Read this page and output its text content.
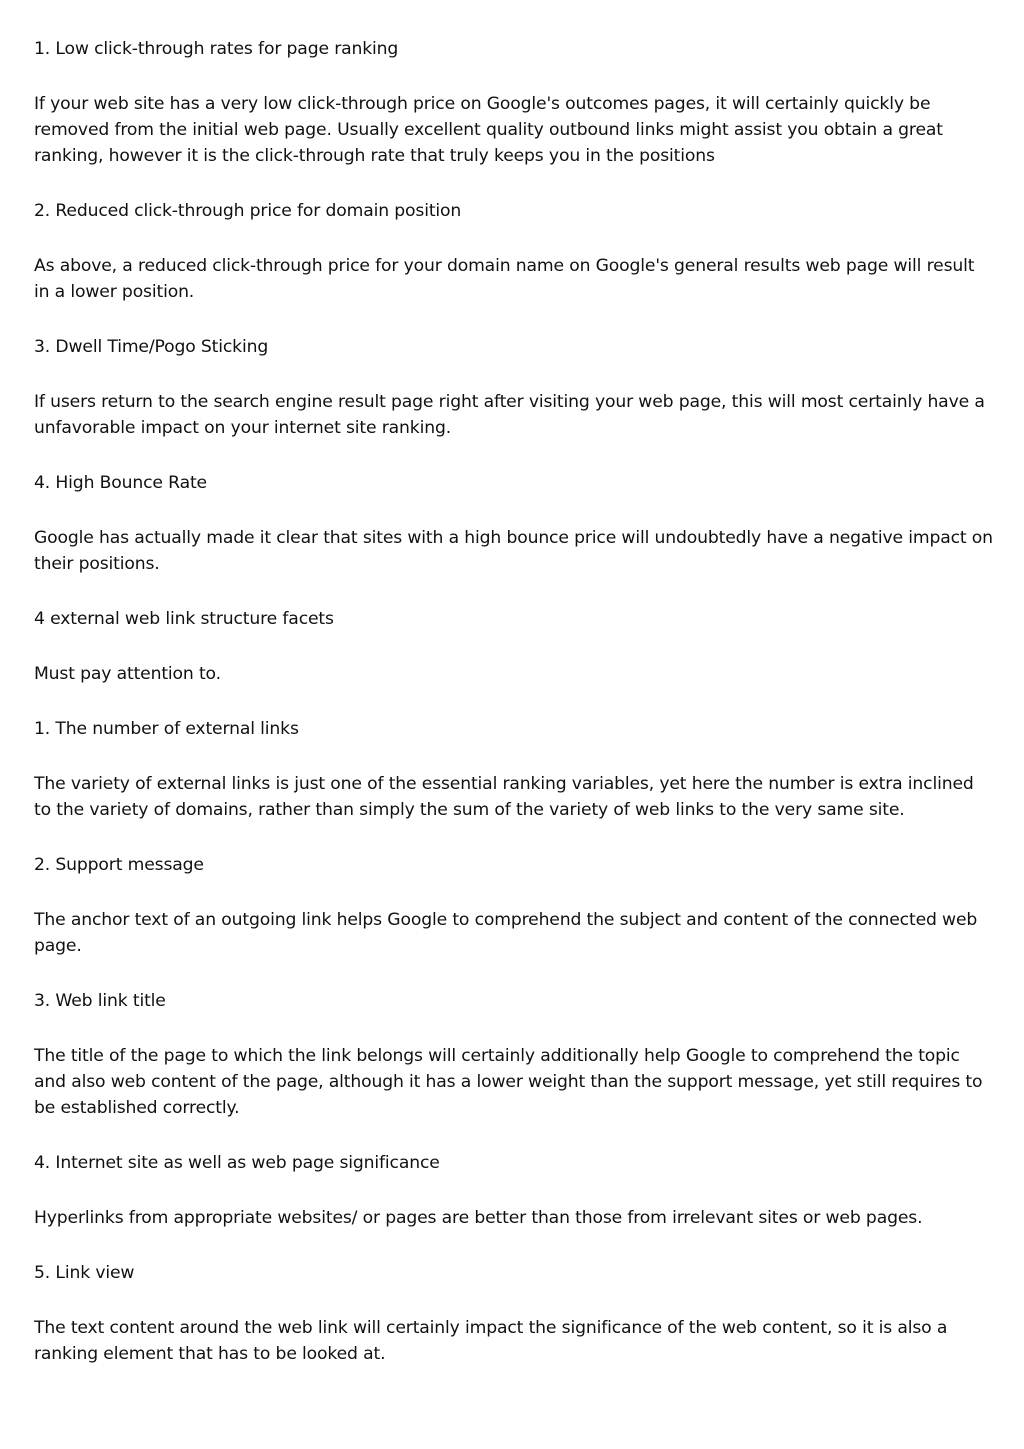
1. Low click-through rates for page ranking

If your web site has a very low click-through price on Google's outcomes pages, it will certainly quickly be removed from the initial web page. Usually excellent quality outbound links might assist you obtain a great ranking, however it is the click-through rate that truly keeps you in the positions

2. Reduced click-through price for domain position

As above, a reduced click-through price for your domain name on Google's general results web page will result in a lower position.

3. Dwell Time/Pogo Sticking

If users return to the search engine result page right after visiting your web page, this will most certainly have a unfavorable impact on your internet site ranking.

4. High Bounce Rate

Google has actually made it clear that sites with a high bounce price will undoubtedly have a negative impact on their positions.

4 external web link structure facets

Must pay attention to.

1. The number of external links

The variety of external links is just one of the essential ranking variables, yet here the number is extra inclined to the variety of domains, rather than simply the sum of the variety of web links to the very same site.

2. Support message

The anchor text of an outgoing link helps Google to comprehend the subject and content of the connected web page.

3. Web link title

The title of the page to which the link belongs will certainly additionally help Google to comprehend the topic and also web content of the page, although it has a lower weight than the support message, yet still requires to be established correctly.

4. Internet site as well as web page significance

Hyperlinks from appropriate websites/ or pages are better than those from irrelevant sites or web pages.

5. Link view

The text content around the web link will certainly impact the significance of the web content, so it is also a ranking element that has to be looked at.
